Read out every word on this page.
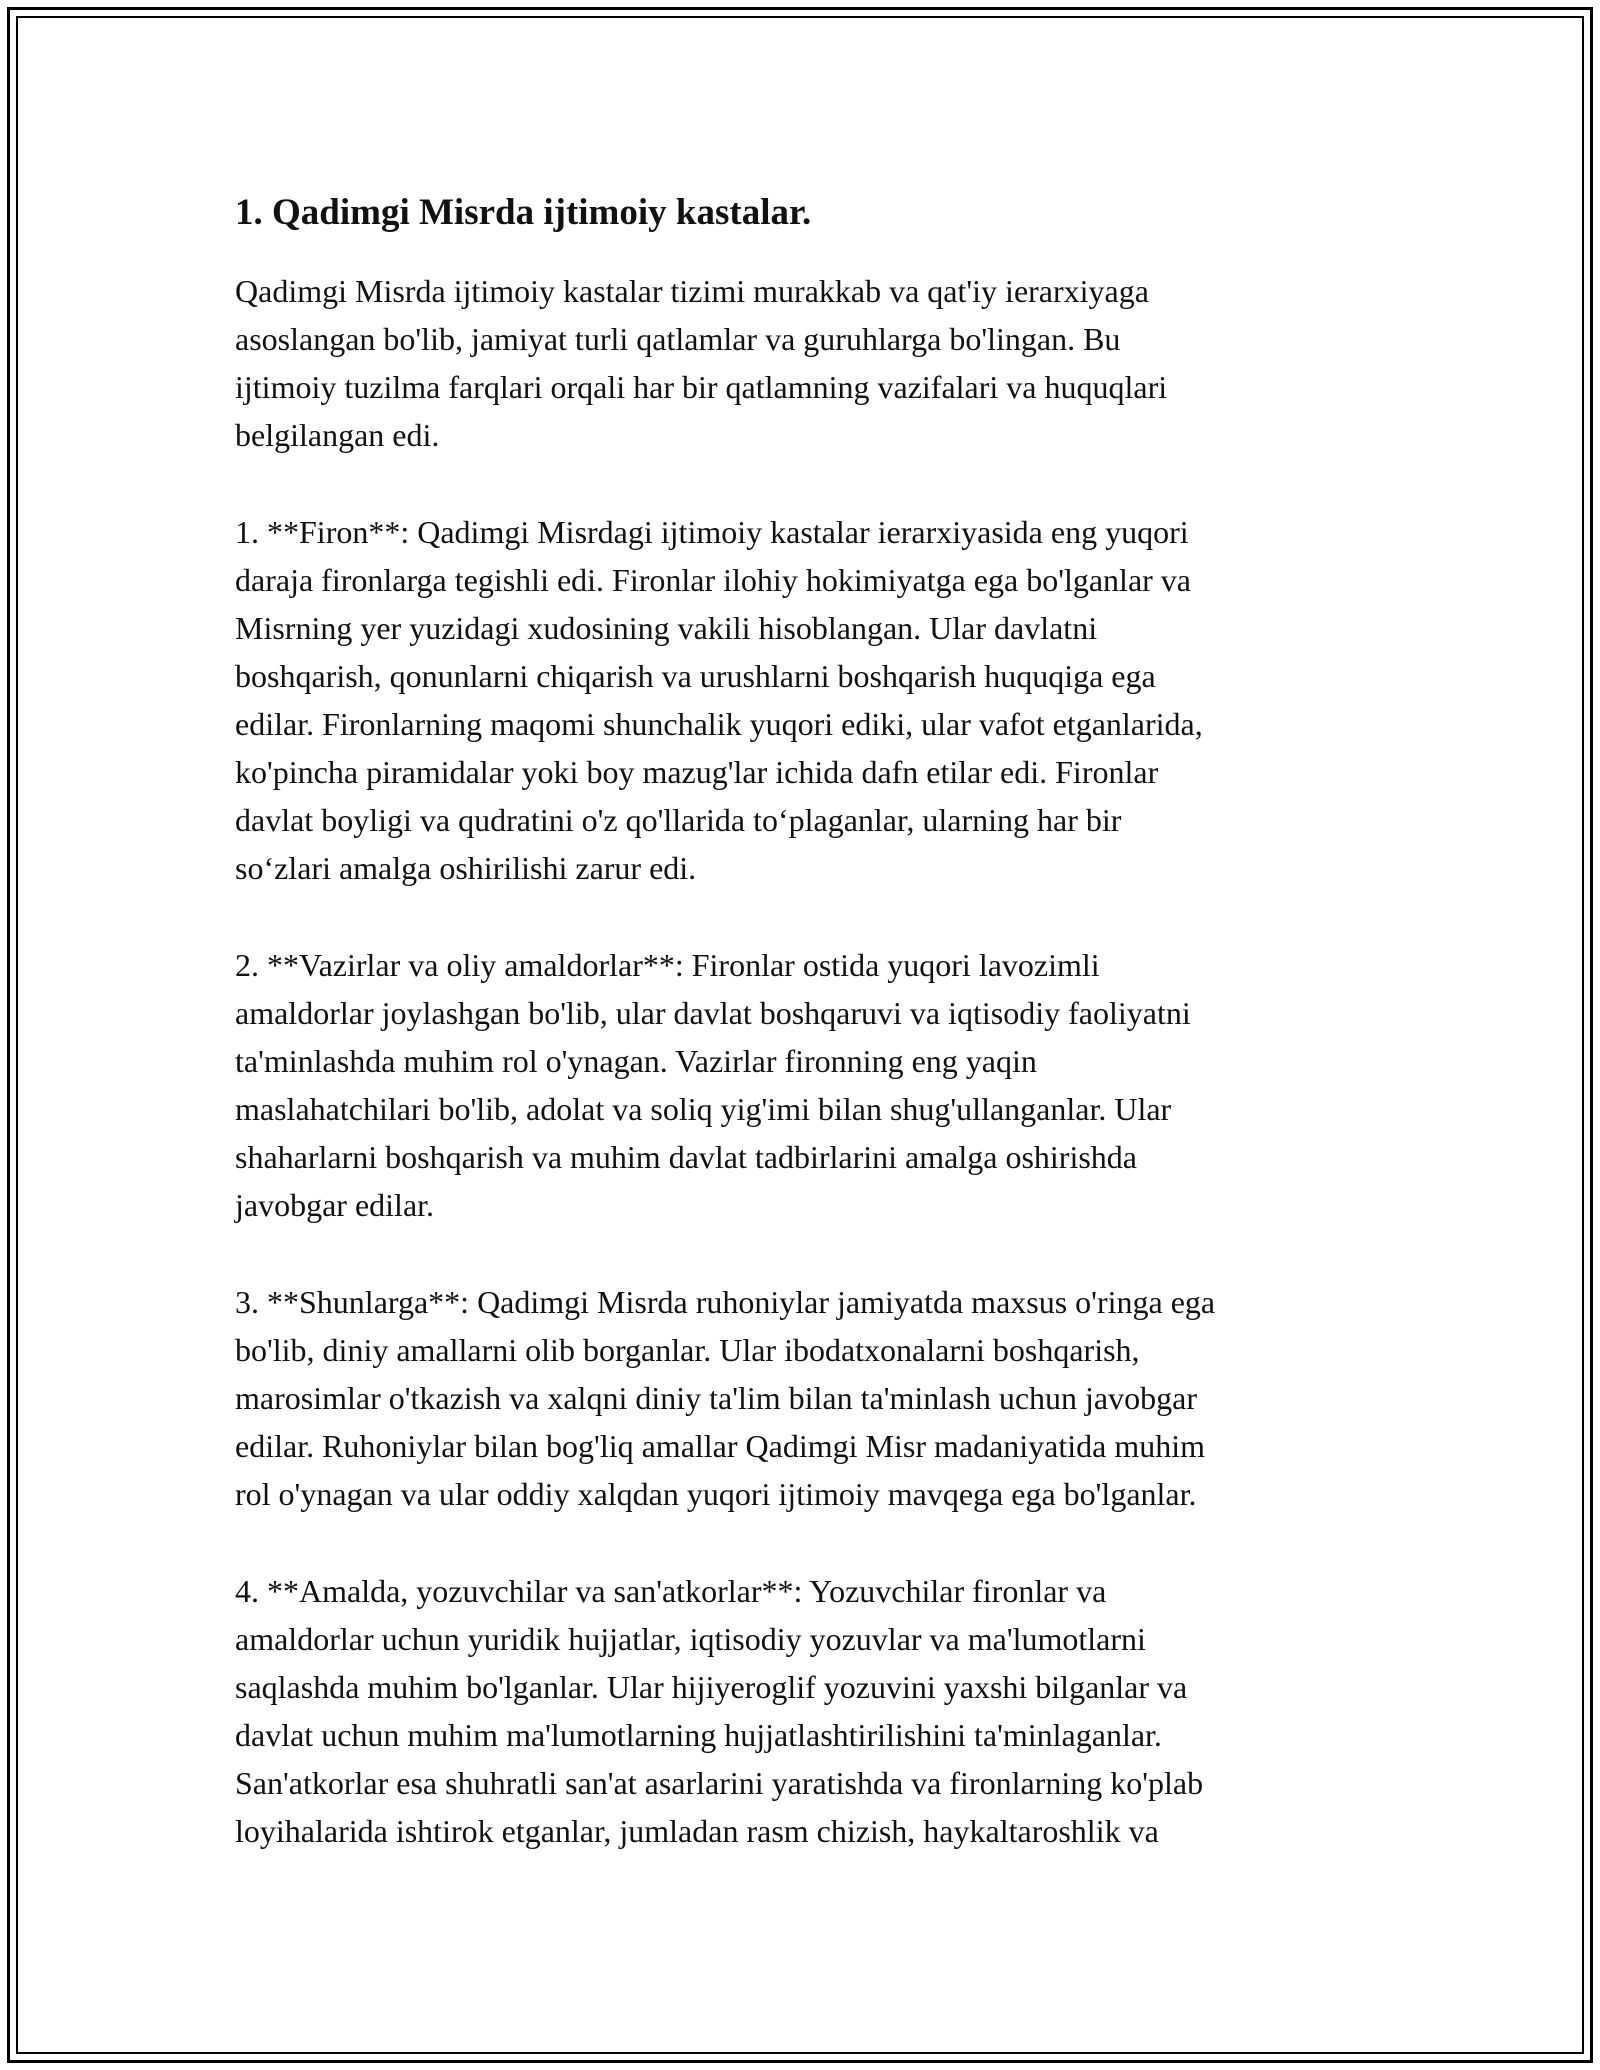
1. Qadimgi Misrda ijtimoiy kastalar.

Qadimgi Misrda ijtimoiy kastalar tizimi murakkab va qat'iy ierarxiyaga
asoslangan bo'lib, jamiyat turli qatlamlar va guruhlarga bo'lingan. Bu
ijtimoiy tuzilma farqlari orqali har bir qatlamning vazifalari va huquqlari
belgilangan edi.

1. **Firon**: Qadimgi Misrdagi ijtimoiy kastalar ierarxiyasida eng yuqori
daraja fironlarga tegishli edi. Fironlar ilohiy hokimiyatga ega bo'lganlar va
Misrning yer yuzidagi xudosining vakili hisoblangan. Ular davlatni
boshqarish, qonunlarni chiqarish va urushlarni boshqarish huquqiga ega
edilar. Fironlarning maqomi shunchalik yuqori ediki, ular vafot etganlarida,
ko'pincha piramidalar yoki boy mazug'lar ichida dafn etilar edi. Fironlar
davlat boyligi va qudratini o'z qo'llarida to‘plaganlar, ularning har bir
so‘zlari amalga oshirilishi zarur edi.

2. **Vazirlar va oliy amaldorlar**: Fironlar ostida yuqori lavozimli
amaldorlar joylashgan bo'lib, ular davlat boshqaruvi va iqtisodiy faoliyatni
ta'minlashda muhim rol o'ynagan. Vazirlar fironning eng yaqin
maslahatchilari bo'lib, adolat va soliq yig'imi bilan shug'ullanganlar. Ular
shaharlarni boshqarish va muhim davlat tadbirlarini amalga oshirishda
javobgar edilar.

3. **Shunlarga**: Qadimgi Misrda ruhoniylar jamiyatda maxsus o'ringa ega
bo'lib, diniy amallarni olib borganlar. Ular ibodatxonalarni boshqarish,
marosimlar o'tkazish va xalqni diniy ta'lim bilan ta'minlash uchun javobgar
edilar. Ruhoniylar bilan bog'liq amallar Qadimgi Misr madaniyatida muhim
rol o'ynagan va ular oddiy xalqdan yuqori ijtimoiy mavqega ega bo'lganlar.

4. **Amalda, yozuvchilar va san'atkorlar**: Yozuvchilar fironlar va
amaldorlar uchun yuridik hujjatlar, iqtisodiy yozuvlar va ma'lumotlarni
saqlashda muhim bo'lganlar. Ular hijiyeroglif yozuvini yaxshi bilganlar va
davlat uchun muhim ma'lumotlarning hujjatlashtirilishini ta'minlaganlar.
San'atkorlar esa shuhratli san'at asarlarini yaratishda va fironlarning ko'plab
loyihalarida ishtirok etganlar, jumladan rasm chizish, haykaltaroshlik va
